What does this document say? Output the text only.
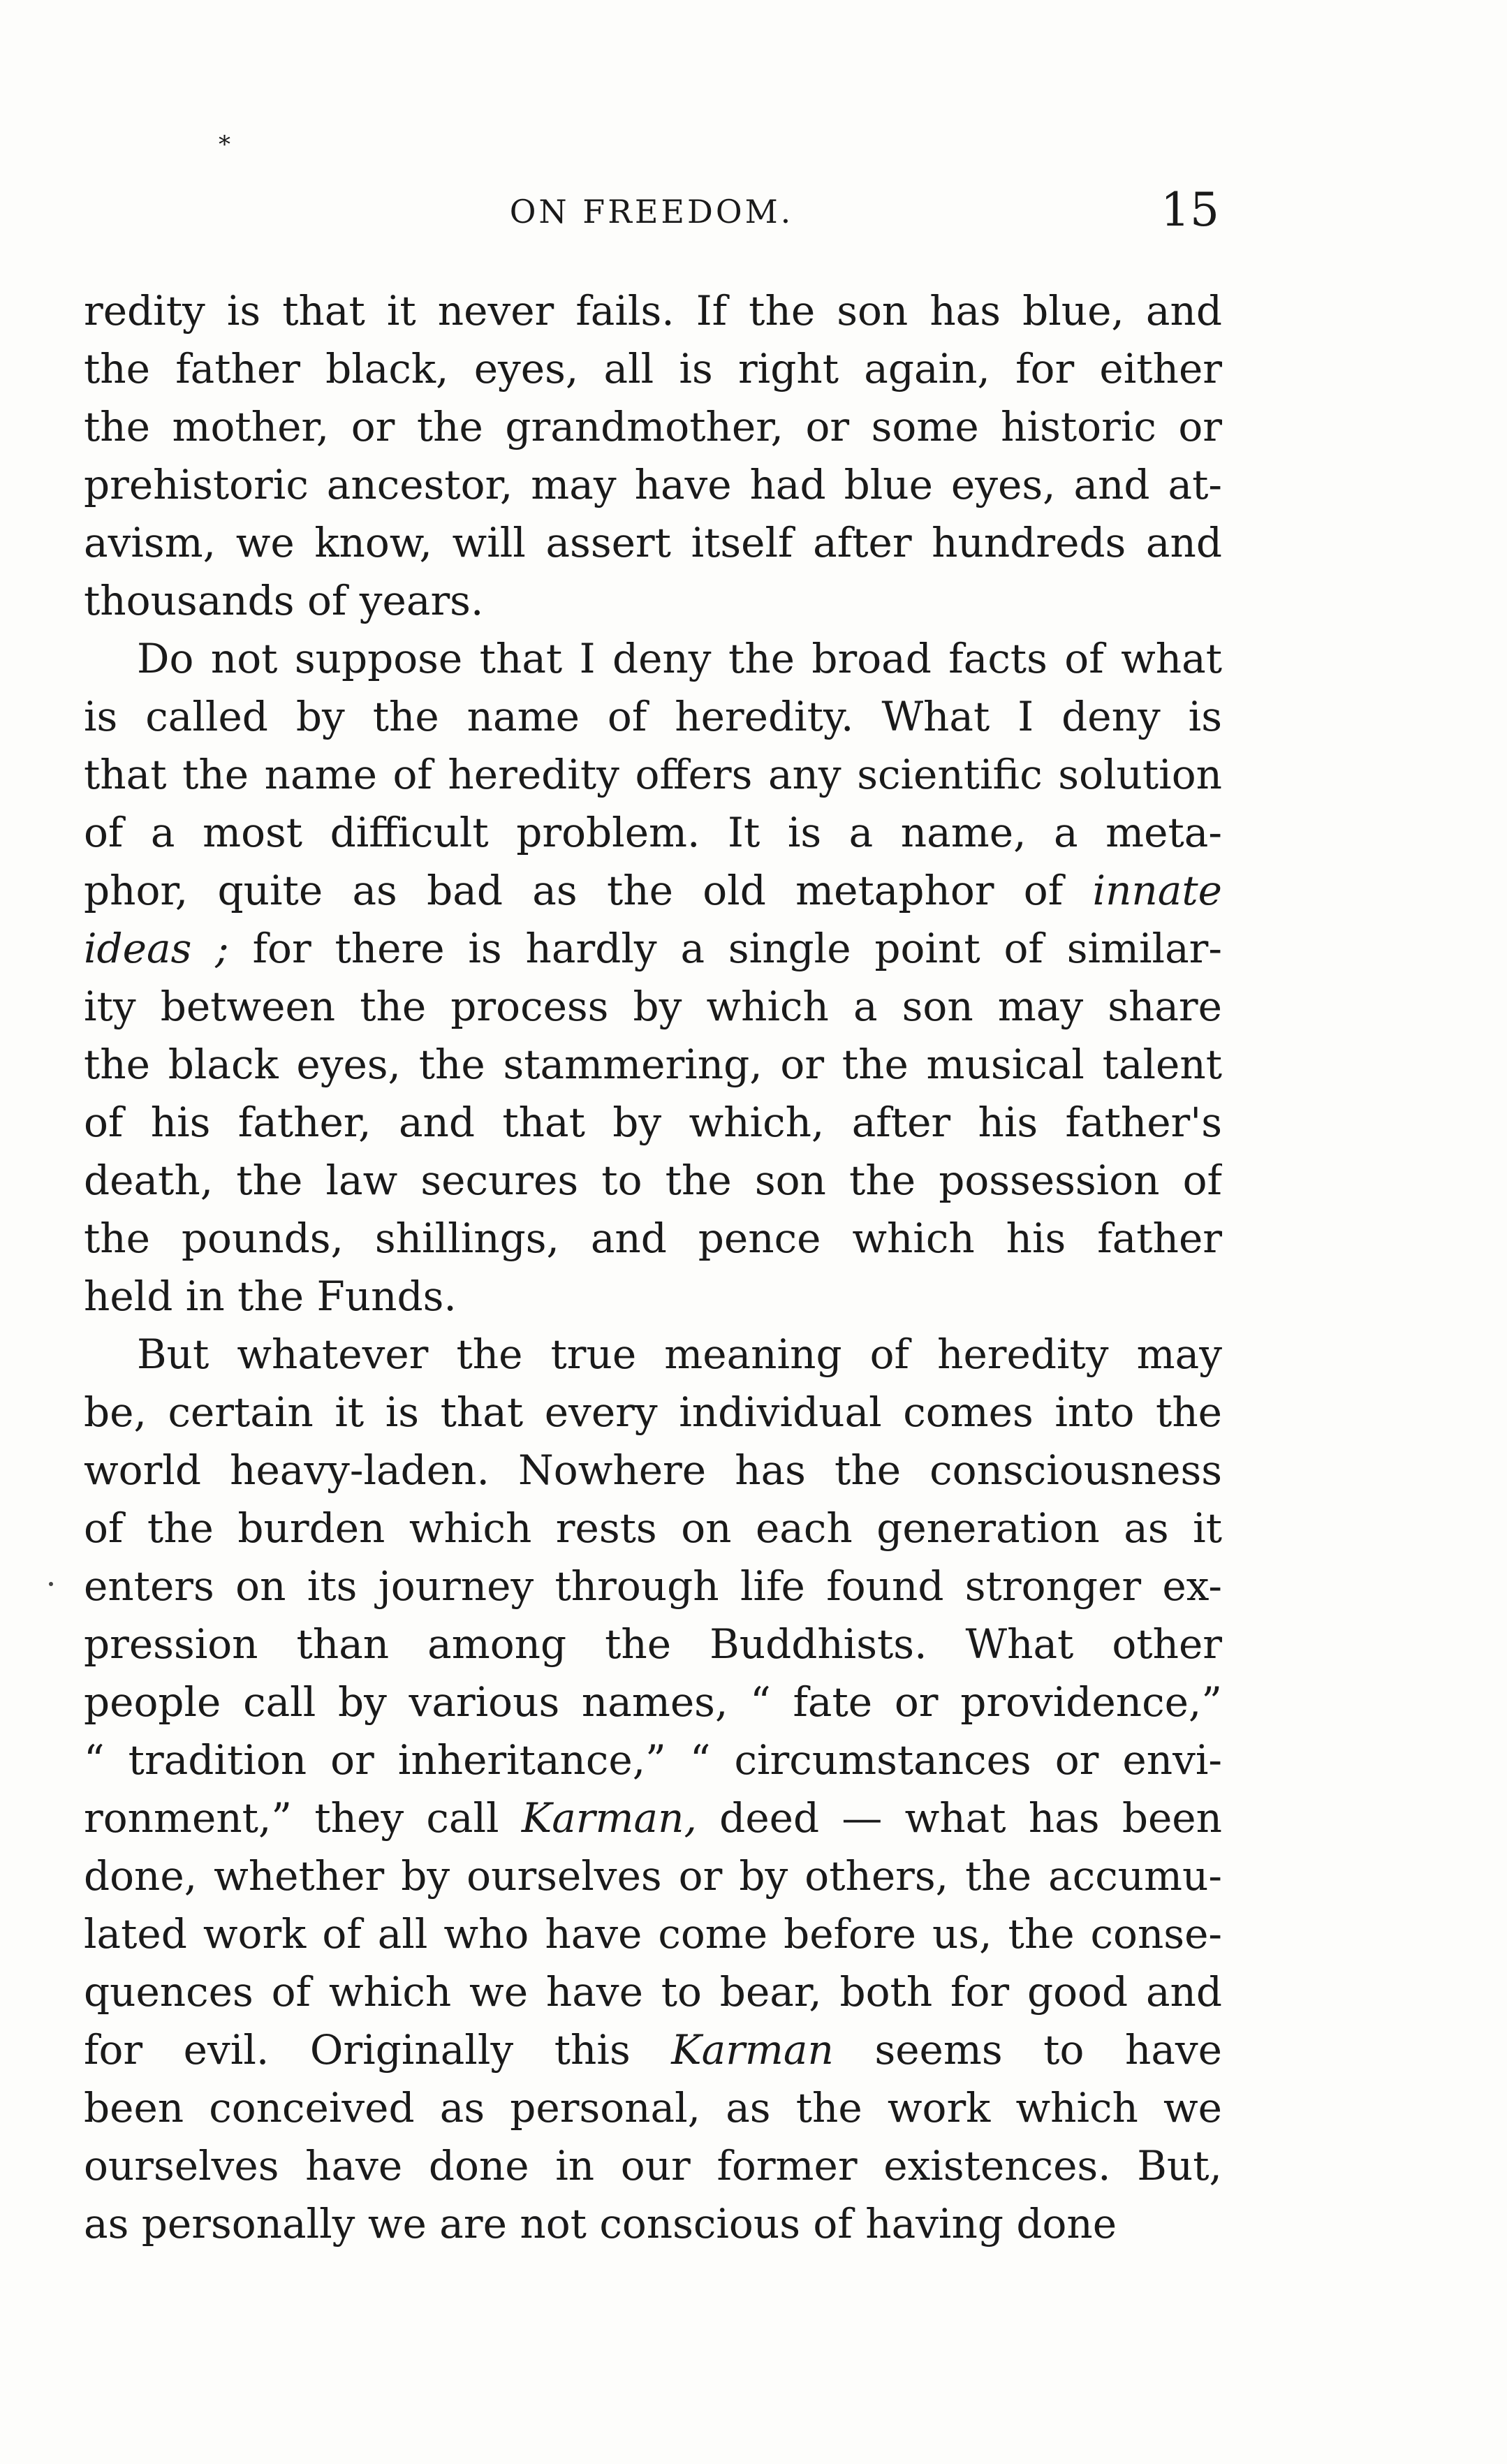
*
ON FREEDOM.	15
redity is that it never fails. If the son has blue, and
the father black, eyes, all is right again, for either
the mother, or the grandmother, or some historic or
prehistoric ancestor, may have had blue eyes, and at-
avism, we know, will assert itself after hundreds and
thousands of years.
Do not suppose that I deny the broad facts of what
is called by the name of heredity. What I deny is
that the name of heredity offers any scientific solution
of a most difficult problem. It is a name, a meta-
phor, quite as bad as the old metaphor of innate
ideas ; for there is hardly a single point of similar-
ity between the process by which a son may share
the black eyes, the stammering, or the musical talent
of his father, and that by which, after his father's
death, the law secures to the son the possession of
the pounds, shillings, and pence which his father
held in the Funds.
But whatever the true meaning of heredity may
be, certain it is that every individual comes into the
world heavy-laden. Nowhere has the consciousness
of the burden which rests on each generation as it
enters on its journey through life found stronger ex-
pression than among the Buddhists. What other
people call by various names, “ fate or providence,”
“ tradition or inheritance,” “ circumstances or envi-
ronment,” they call Karman, deed — what has been
done, whether by ourselves or by others, the accumu-
lated work of all who have come before us, the conse-
quences of which we have to bear, both for good and
for evil. Originally this Karman seems to have
been conceived as personal, as the work which we
ourselves have done in our former existences. But,
as personally we are not conscious of having done
